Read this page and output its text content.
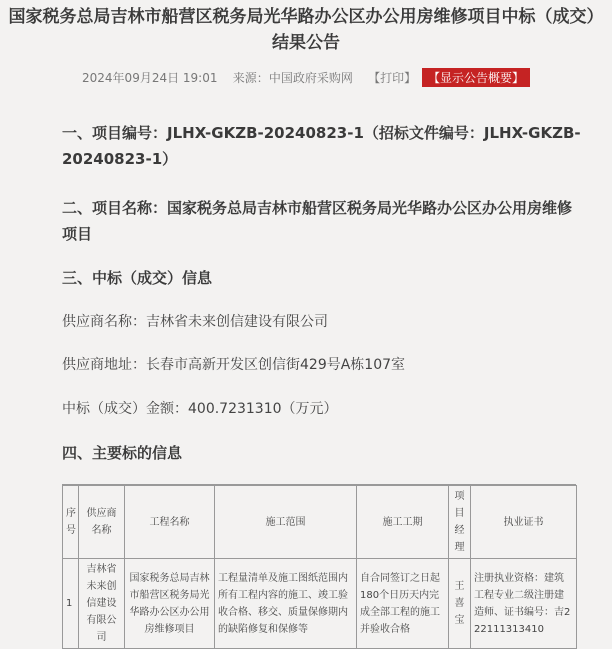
国家税务总局吉林市船营区税务局光华路办公区办公用房维修项目中标（成交）结果公告
2024年09月24日 19:01 来源：中国政府采购网 【打印】 【显示公告概要】
一、项目编号：JLHX-GKZB-20240823-1（招标文件编号：JLHX-GKZB-
20240823-1）
二、项目名称：国家税务总局吉林市船营区税务局光华路办公区办公用房维修
项目
三、中标（成交）信息
供应商名称：吉林省未来创信建设有限公司
供应商地址：长春市高新开发区创信街429号A栋107室
中标（成交）金额：400.7231310（万元）
四、主要标的信息
序号	供应商名称	工程名称	施工范围	施工工期	项目经理	执业证书
1	吉林省未来创信建设有限公司	国家税务总局吉林市船营区税务局光华路办公区办公用房维修项目	工程量清单及施工图纸范围内所有工程内容的施工、竣工验收合格、移交、质量保修期内的缺陷修复和保修等	自合同签订之日起180个日历天内完成全部工程的施工并验收合格	王喜宝	注册执业资格：建筑工程专业二级注册建造师、证书编号：吉222111313410
